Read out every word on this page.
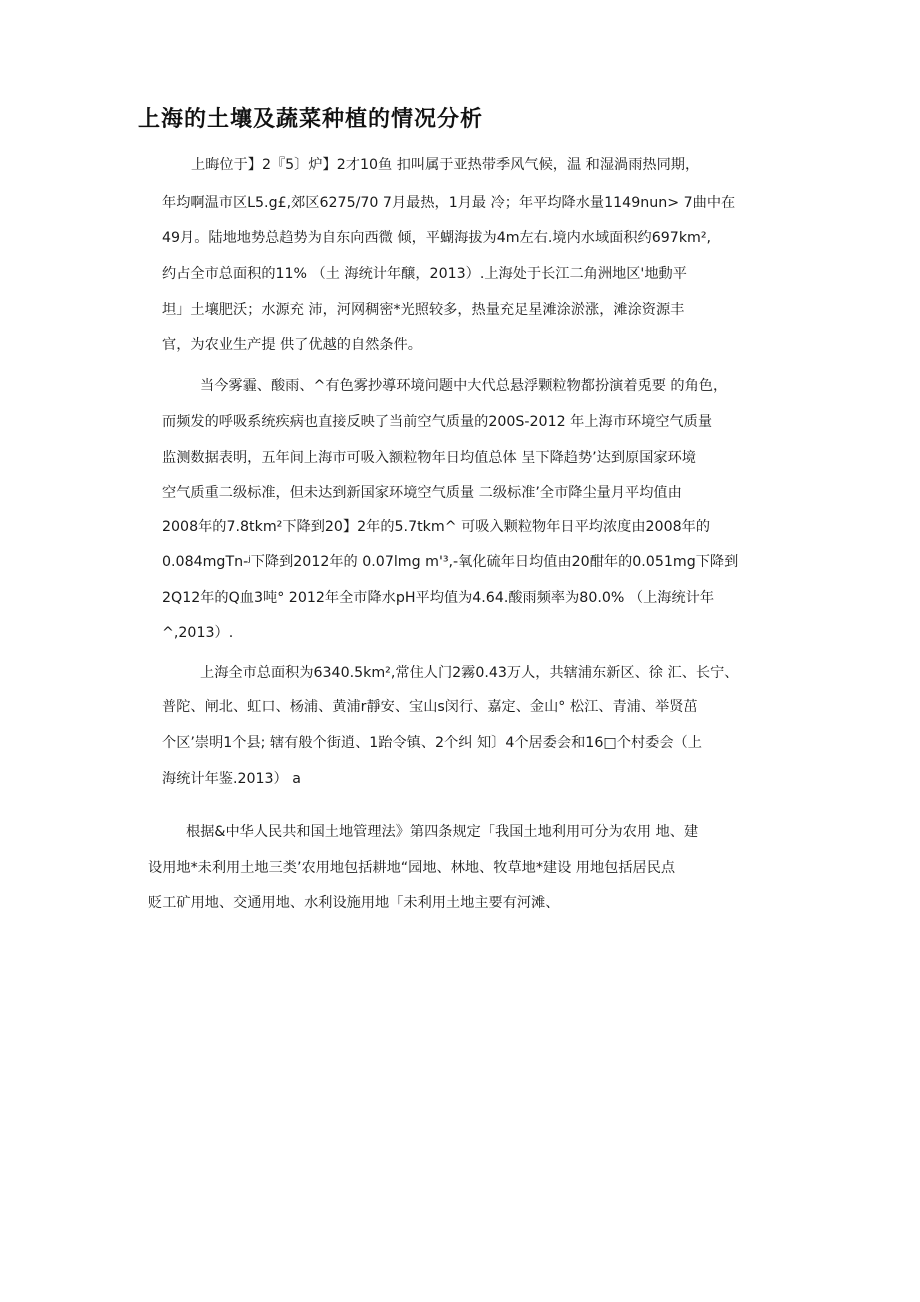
上海的土壤及蔬菜种植的情况分析
上晦位于】2『5〕炉】2才10鱼 扣叫属于亚热带季风气候，温 和湿渦雨热同期，
年均啊温市区L5.g£,郊区6275/70 7月最热，1月最 冷；年平均降水量1149nun> 7曲中在
49月。陆地地势总趋势为自东向西微 倾，平蝴海拔为4m左右.境内水域面积约697km²,
约占全市总面积的11% （土 海统计年醸，2013）.上海处于长江二角洲地区'地動平
坦」土壤肥沃；水源充 沛，河网稠密*光照较多，热量充足星滩涂淤涨，滩涂资源丰
官，为农业生产提 供了优越的自然条件。
当今雾霾、酸雨、^有色雾抄導环境问题中大代总悬浮颗粒物都扮演着兎要 的角色，
而频发的呼吸系统疾病也直接反映了当前空气质量的200S-2012 年上海市环境空气质量
监测数据表明，五年间上海市可吸入额粒物年日均值总体 呈下降趋势’达到原国家环境
空气质重二级标准，但未达到新国家环境空气质量 二级标准’全市降尘量月平均值由
2008年的7.8tkm²下降到20】2年的5.7tkm^ 可吸入颗粒物年日平均浓度由2008年的
0.084mgTn-ʲ下降到2012年的 0.07lmg m'³,-氧化硫年日均值由20酣年的0.051mg下降到
2Q12年的Q血3吨° 2012年全市降水pH平均值为4.64.酸雨频率为80.0% （上海统计年
^,2013）.
上海全市总面积为6340.5km²,常住人门2霧0.43万人，共辖浦东新区、徐 汇、长宁、
普陀、闸北、虹口、杨浦、黄浦r靜安、宝山s闵行、嘉定、金山° 松江、青浦、举贤茁
个区’崇明1个县; 辖有般个街逍、1跆令镇、2个纠 知〕4个居委会和16□个村委会（上
海统计年鉴.2013） a
根据&中华人民共和国土地管理法》第四条规定「我国土地利用可分为农用 地、建
设用地*未利用土地三类’农用地包括耕地“园地、林地、牧草地*建设 用地包括居民点
贬工矿用地、交通用地、水利设施用地「未利用土地主要有河滩、
